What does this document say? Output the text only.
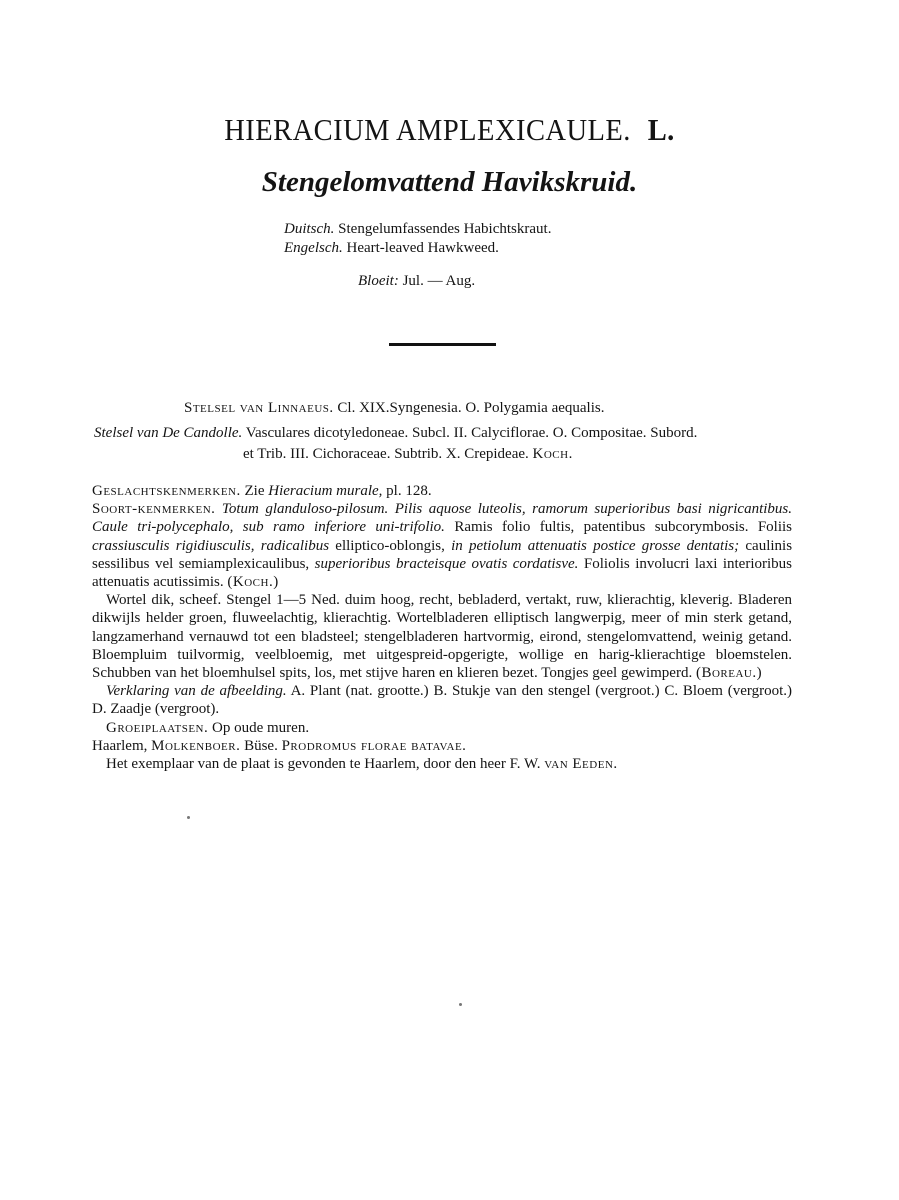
HIERACIUM AMPLEXICAULE. L.
Stengelomvattend Havikskruid.
Duitsch. Stengelumfassendes Habichtskraut.
Engelsch. Heart-leaved Hawkweed.
Bloeit: Jul. — Aug.
Stelsel van Linnaeus. Cl. XIX.Syngenesia. O. Polygamia aequalis.
Stelsel van De Candolle. Vasculares dicotyledoneae. Subcl. II. Calyciflorae. O. Compositae. Subord.
et Trib. III. Cichoraceae. Subtrib. X. Crepideae. Koch.

Geslachtskenmerken. Zie Hieracium murale, pl. 128.

Soort-kenmerken. Totum glanduloso-pilosum. Pilis aquose luteolis, ramorum superioribus basi nigricantibus. Caule tri-polycephalo, sub ramo inferiore uni-trifolio. Ramis folio fultis, patentibus subcorymbosis. Foliis crassiusculis rigidiusculis, radicalibus elliptico-oblongis, in petiolum attenuatis postice grosse dentatis; caulinis sessilibus vel semiamplexicaulibus, superioribus bracteisque ovatis cordatisve. Foliolis involucri laxi interioribus attenuatis acutissimis. (Koch.)

Wortel dik, scheef. Stengel 1—5 Ned. duim hoog, recht, bebladerd, vertakt, ruw, klierachtig, kleverig. Bladeren dikwijls helder groen, fluweelachtig, klierachtig. Wortelbladeren elliptisch langwerpig, meer of min sterk getand, langzamerhand vernauwd tot een bladsteel; stengelbladeren hartvormig, eirond, stengelomvattend, weinig getand. Bloempluim tuilvormig, veelbloemig, met uitgespreid-opgerigte, wollige en harig-klierachtige bloemstelen. Schubben van het bloemhulsel spits, los, met stijve haren en klieren bezet. Tongjes geel gewimperd. (Boreau.)

Verklaring van de afbeelding. A. Plant (nat. grootte.) B. Stukje van den stengel (vergroot.) C. Bloem (vergroot.) D. Zaadje (vergroot).

Groeiplaatsen. Op oude muren.

Haarlem, Molkenboer. Büse. Prodromus florae batavae.

Het exemplaar van de plaat is gevonden te Haarlem, door den heer F. W. van Eeden.
